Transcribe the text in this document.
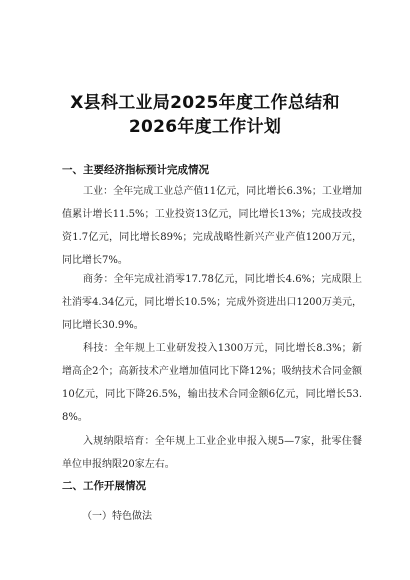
X县科工业局2025年度工作总结和
2026年度工作计划
一、主要经济指标预计完成情况

工业：全年完成工业总产值11亿元，同比增长6.3%；工业增加值累计增长11.5%；工业投资13亿元，同比增长13%；完成技改投资1.7亿元，同比增长89%；完成战略性新兴产业产值1200万元，同比增长7%。

商务：全年完成社消零17.78亿元，同比增长4.6%；完成限上社消零4.34亿元，同比增长10.5%；完成外资进出口1200万美元，同比增长30.9%。

科技：全年规上工业研发投入1300万元，同比增长8.3%；新增高企2个；高新技术产业增加值同比下降12%；吸纳技术合同金额10亿元，同比下降26.5%，输出技术合同金额6亿元，同比增长53.8%。

入规纳限培育：全年规上工业企业申报入规5—7家，批零住餐单位申报纳限20家左右。

二、工作开展情况
（一）特色做法
